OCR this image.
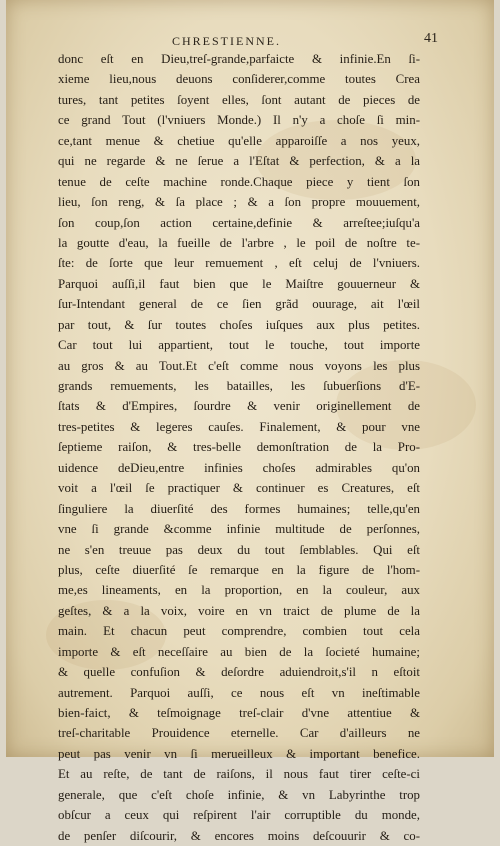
CHRESTIENNE.	41
donc eſt en Dieu,treſ-grande,parfaicte & infinie.En ſi-
xieme lieu,nous deuons conſiderer,comme toutes Crea
tures, tant petites ſoyent elles, ſont autant de pieces de
ce grand Tout (l'vniuers Monde.) Il n'y a choſe ſi min-
ce,tant menue & chetiue qu'elle apparoiſſe a nos yeux,
qui ne regarde & ne ſerue a l'Eſtat & perfection, & a la
tenue de ceſte machine ronde.Chaque piece y tient ſon
lieu, ſon reng, & ſa place ; & a ſon propre mouuement,
ſon coup,ſon action certaine,definie & arreſtee;iuſqu'a
la goutte d'eau, la fueille de l'arbre , le poil de noſtre te-
ſte: de ſorte que leur remuement , eſt celuj de l'vniuers.
Parquoi auſſi,il faut bien que le Maiſtre gouuerneur &
ſur-Intendant general de ce ſien grãd ouurage, ait l'œil
par tout, & ſur toutes choſes iuſques aux plus petites.
Car tout lui appartient, tout le touche, tout importe
au gros & au Tout.Et c'eſt comme nous voyons les plus
grands remuements, les batailles, les ſubuerſions d'E-
ſtats & d'Empires, ſourdre & venir originellement de
tres-petites & legeres cauſes. Finalement, & pour vne
ſeptieme raiſon, & tres-belle demonſtration de la Pro-
uidence deDieu,entre infinies choſes admirables qu'on
voit a l'œil ſe practiquer & continuer es Creatures, eſt
ſinguliere la diuerſité des formes humaines; telle,qu'en
vne ſi grande &comme infinie multitude de perſonnes,
ne s'en treuue pas deux du tout ſemblables. Qui eſt
plus, ceſte diuerſité ſe remarque en la figure de l'hom-
me,es lineaments, en la proportion, en la couleur, aux
geſtes, & a la voix, voire en vn traict de plume de la
main. Et chacun peut comprendre, combien tout cela
importe & eſt neceſſaire au bien de la ſocieté humaine;
& quelle confuſion & deſordre aduiendroit,s'il n eſtoit
autrement. Parquoi auſſi, ce nous eſt vn ineſtimable
bien-faict, & teſmoignage treſ-clair d'vne attentiue &
treſ-charitable Prouidence eternelle. Car d'ailleurs ne
peut pas venir vn ſi merueilleux & important benefice.
Et au reſte, de tant de raiſons, il nous faut tirer ceſte-ci
generale, que c'eſt choſe infinie, & vn Labyrinthe trop
obſcur a ceux qui reſpirent l'air corruptible du monde,
de penſer diſcourir, & encores moins deſcouurir & co-
